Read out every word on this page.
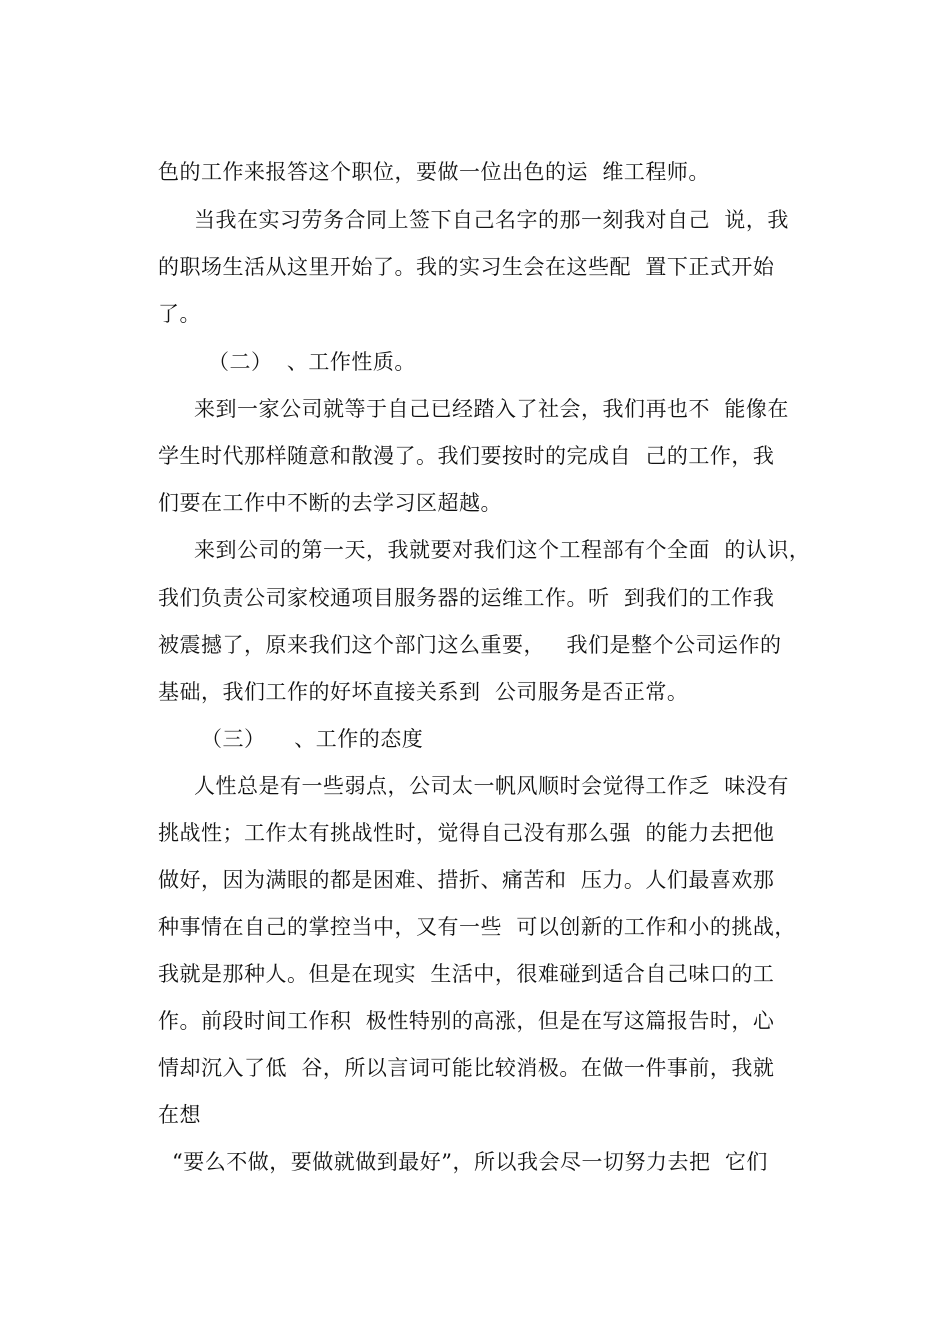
色的工作来报答这个职位，要做一位出色的运  维工程师。
当我在实习劳务合同上签下自己名字的那一刻我对自己  说，我
的职场生活从这里开始了。我的实习生会在这些配  置下正式开始
了。
（二）  、工作性质。
来到一家公司就等于自己已经踏入了社会，我们再也不  能像在
学生时代那样随意和散漫了。我们要按时的完成自  己的工作，我
们要在工作中不断的去学习区超越。
来到公司的第一天，我就要对我们这个工程部有个全面  的认识，
我们负责公司家校通项目服务器的运维工作。听  到我们的工作我
被震撼了，原来我们这个部门这么重要，   我们是整个公司运作的
基础，我们工作的好坏直接关系到  公司服务是否正常。
（三）    、工作的态度
人性总是有一些弱点，公司太一帆风顺时会觉得工作乏  味没有
挑战性；工作太有挑战性时，觉得自己没有那么强  的能力去把他
做好，因为满眼的都是困难、措折、痛苦和  压力。人们最喜欢那
种事情在自己的掌控当中，又有一些  可以创新的工作和小的挑战，
我就是那种人。但是在现实  生活中，很难碰到适合自己味口的工
作。前段时间工作积  极性特别的高涨，但是在写这篇报告时，心
情却沉入了低  谷，所以言词可能比较消极。在做一件事前，我就
在想
“要么不做，要做就做到最好”，所以我会尽一切努力去把  它们
